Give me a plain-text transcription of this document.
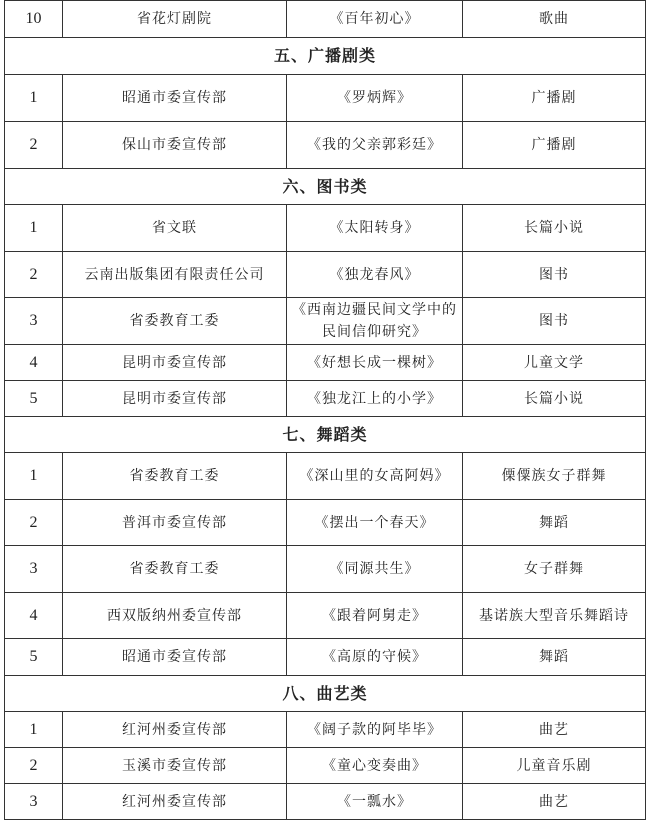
10	省花灯剧院	《百年初心》	歌曲
五、广播剧类			
1	昭通市委宣传部	《罗炳辉》	广播剧
2	保山市委宣传部	《我的父亲郭彩廷》	广播剧
六、图书类			
1	省文联	《太阳转身》	长篇小说
2	云南出版集团有限责任公司	《独龙春风》	图书
3	省委教育工委	《西南边疆民间文学中的民间信仰研究》	图书
4	昆明市委宣传部	《好想长成一棵树》	儿童文学
5	昆明市委宣传部	《独龙江上的小学》	长篇小说
七、舞蹈类			
1	省委教育工委	《深山里的女高阿妈》	傈僳族女子群舞
2	普洱市委宣传部	《摆出一个春天》	舞蹈
3	省委教育工委	《同源共生》	女子群舞
4	西双版纳州委宣传部	《跟着阿舅走》	基诺族大型音乐舞蹈诗
5	昭通市委宣传部	《高原的守候》	舞蹈
八、曲艺类			
1	红河州委宣传部	《阔子款的阿毕毕》	曲艺
2	玉溪市委宣传部	《童心变奏曲》	儿童音乐剧
3	红河州委宣传部	《一瓢水》	曲艺
